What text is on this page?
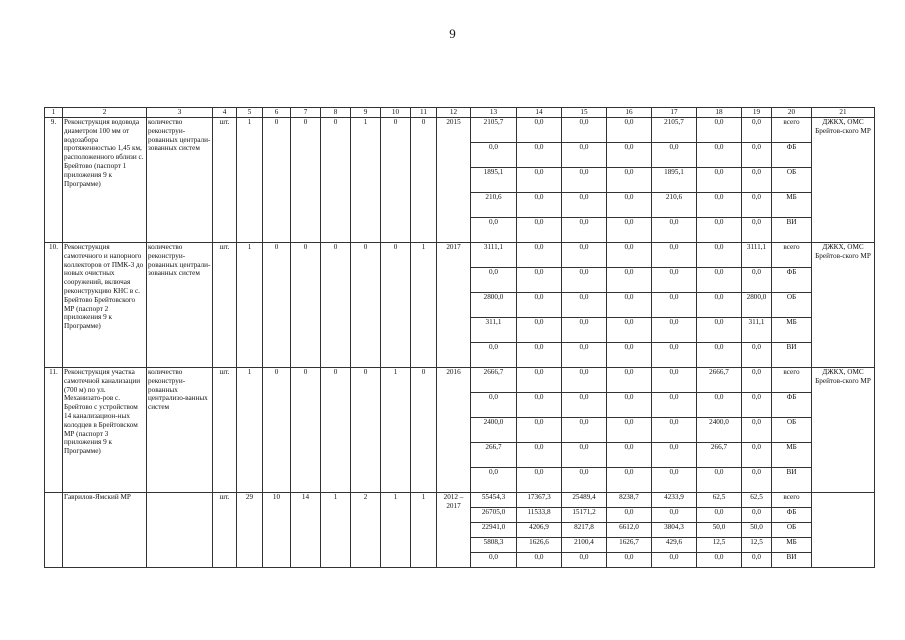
9
1	2	3	4	5	6	7	8	9	10	11	12	13	14	15	16	17	18	19	20	21
9.	Реконструкция водовода диаметром 100 мм от водозабора протяженностью 1,45 км, расположенного вблизи с. Брейтово (паспорт 1 приложения 9 к Программе)	количество реконструи-рованных централи-зованных систем	шт.	1	0	0	0	1	0	0	2015	2105,7	0,0	0,0	0,0	2105,7	0,0	0,0	всего	ДЖКХ, ОМС Брейтов-ского МР
												0,0	0,0	0,0	0,0	0,0	0,0	0,0	ФБ	
												1895,1	0,0	0,0	0,0	1895,1	0,0	0,0	ОБ	
												210,6	0,0	0,0	0,0	210,6	0,0	0,0	МБ	
												0,0	0,0	0,0	0,0	0,0	0,0	0,0	ВИ	
10.	Реконструкция самотечного и напорного коллекторов от ПМК-3 до новых очистных сооружений, включая реконструкцию КНС в с. Брейтово Брейтовского МР (паспорт 2 приложения 9 к Программе)	количество реконструи-рованных централи-зованных систем	шт.	1	0	0	0	0	0	1	2017	3111,1	0,0	0,0	0,0	0,0	0,0	3111,1	всего	ДЖКХ, ОМС Брейтов-ского МР
												0,0	0,0	0,0	0,0	0,0	0,0	0,0	ФБ	
												2800,0	0,0	0,0	0,0	0,0	0,0	2800,0	ОБ	
												311,1	0,0	0,0	0,0	0,0	0,0	311,1	МБ	
												0,0	0,0	0,0	0,0	0,0	0,0	0,0	ВИ	
11.	Реконструкция участка самотечной канализации (700 м) по ул. Механизато-ров с. Брейтово с устройством 14 канализацион-ных колодцев в Брейтовском МР (паспорт 3 приложения 9 к Программе)	количество реконструи-рованных централизо-ванных систем	шт.	1	0	0	0	0	1	0	2016	2666,7	0,0	0,0	0,0	0,0	2666,7	0,0	всего	ДЖКХ, ОМС Брейтов-ского МР
												0,0	0,0	0,0	0,0	0,0	0,0	0,0	ФБ	
												2400,0	0,0	0,0	0,0	0,0	2400,0	0,0	ОБ	
												266,7	0,0	0,0	0,0	0,0	266,7	0,0	МБ	
												0,0	0,0	0,0	0,0	0,0	0,0	0,0	ВИ	
	Гаврилов-Ямский МР		шт.	29	10	14	1	2	1	1	2012 – 2017	55454,3	17367,3	25489,4	8238,7	4233,9	62,5	62,5	всего	
												26705,0	11533,8	15171,2	0,0	0,0	0,0	0,0	ФБ	
												22941,0	4206,9	8217,8	6612,0	3804,3	50,0	50,0	ОБ	
												5808,3	1626,6	2100,4	1626,7	429,6	12,5	12,5	МБ	
												0,0	0,0	0,0	0,0	0,0	0,0	0,0	ВИ	
